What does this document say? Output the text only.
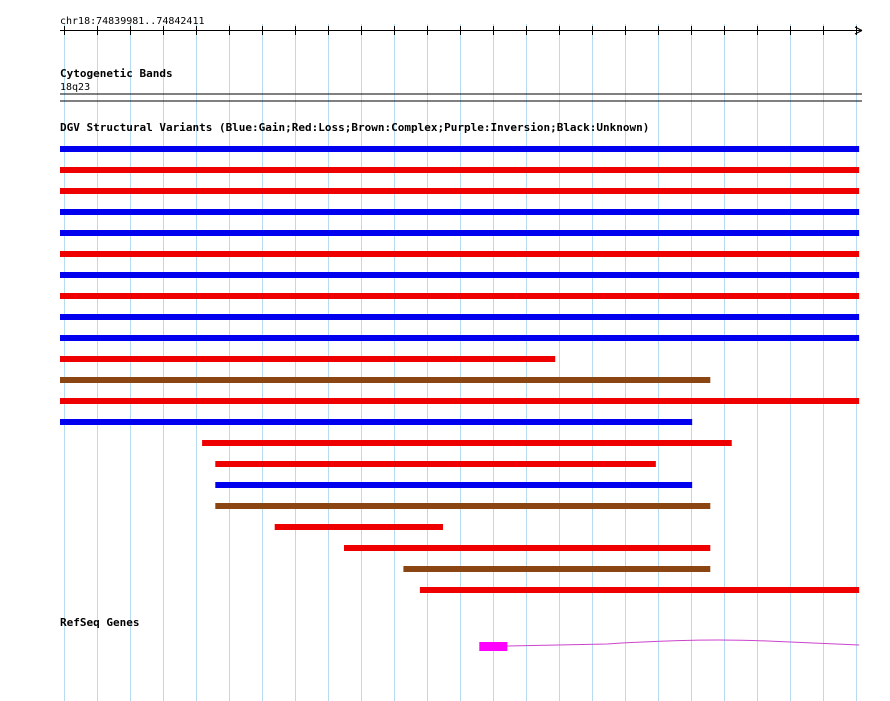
chr18:74839981..74842411
Cytogenetic Bands
18q23
DGV Structural Variants (Blue:Gain;Red:Loss;Brown:Complex;Purple:Inversion;Black:Unknown)
RefSeq Genes
